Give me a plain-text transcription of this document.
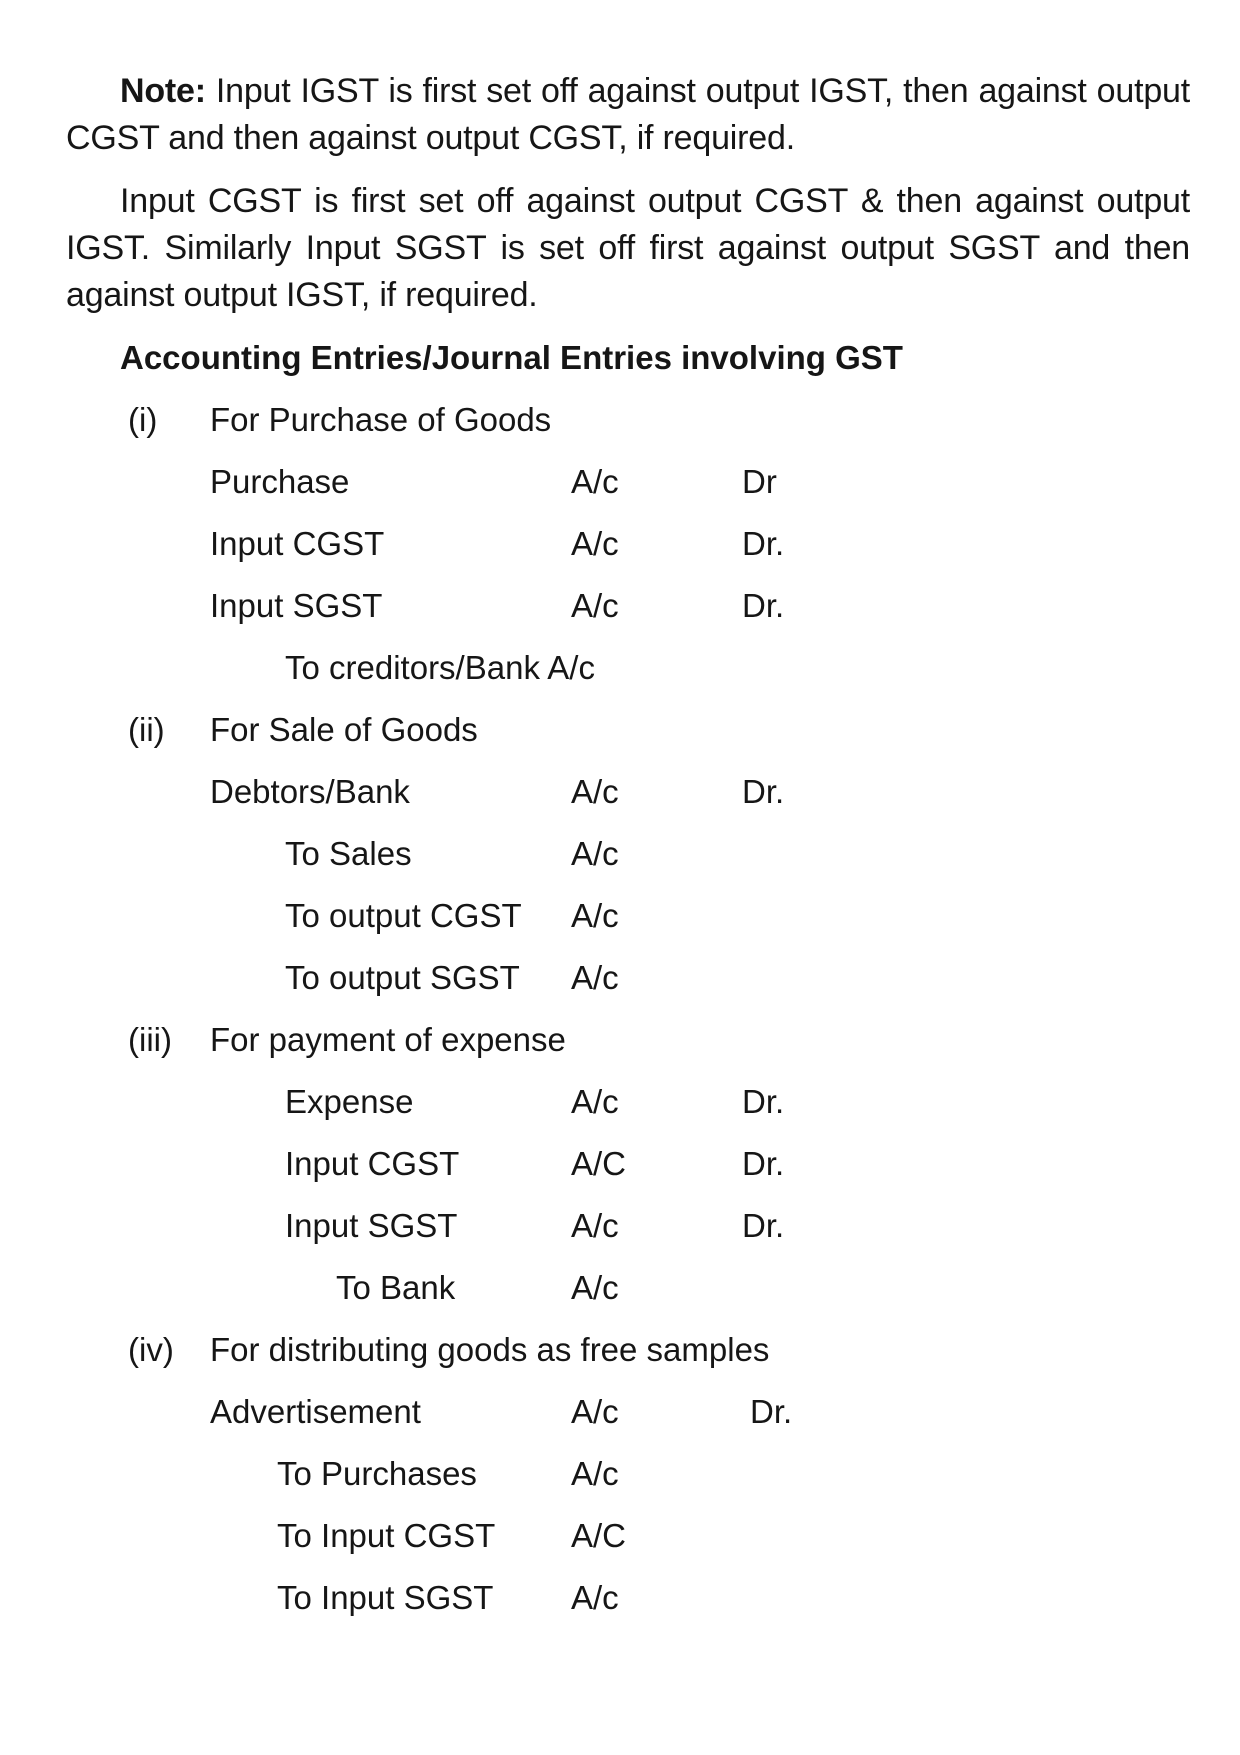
Note: Input IGST is first set off against output IGST, then against output CGST and then against output CGST, if required.
Input CGST is first set off against output CGST & then against output IGST. Similarly Input SGST is set off first against output SGST and then against output IGST, if required.
Accounting Entries/Journal Entries involving GST
(i) For Purchase of Goods
Purchase	A/c	Dr
Input CGST	A/c	Dr.
Input SGST	A/c	Dr.
To creditors/Bank A/c
(ii) For Sale of Goods
Debtors/Bank	A/c	Dr.
To Sales	A/c
To output CGST A/c
To output SGST A/c
(iii) For payment of expense
Expense	A/c	Dr.
Input CGST	A/C	Dr.
Input SGST	A/c	Dr.
To Bank	A/c
(iv) For distributing goods as free samples
Advertisement	A/c	Dr.
To Purchases	A/c
To Input CGST A/C
To Input SGST A/c
